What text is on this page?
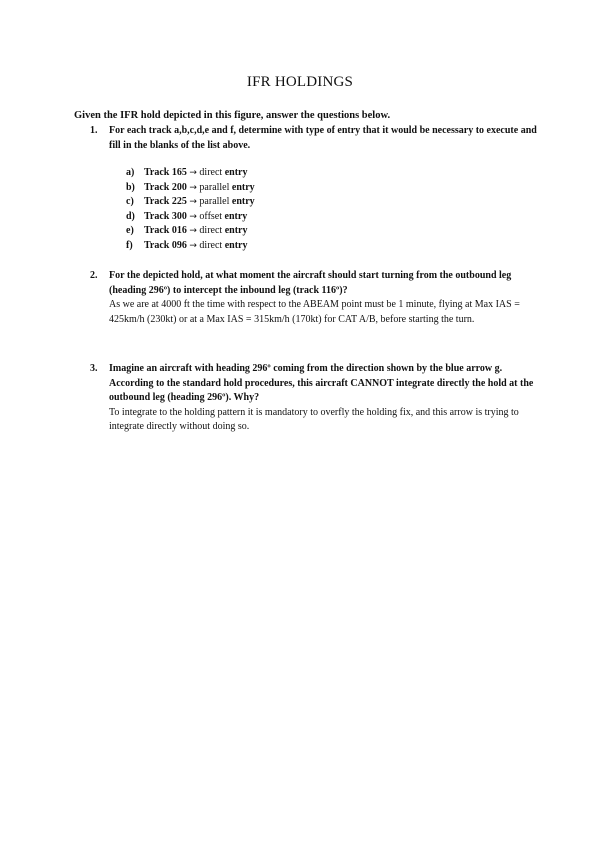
IFR HOLDINGS
Given the IFR hold depicted in this figure, answer the questions below.
1. For each track a,b,c,d,e and f, determine with type of entry that it would be necessary to execute and fill in the blanks of the list above.
a) Track 165 → direct entry
b) Track 200 → parallel entry
c) Track 225 → parallel entry
d) Track 300 → offset entry
e) Track 016 → direct entry
f) Track 096 → direct entry
2. For the depicted hold, at what moment the aircraft should start turning from the outbound leg (heading 296º) to intercept the inbound leg (track 116º)?
As we are at 4000 ft the time with respect to the ABEAM point must be 1 minute, flying at Max IAS = 425km/h (230kt) or at a Max IAS = 315km/h (170kt) for CAT A/B, before starting the turn.
3. Imagine an aircraft with heading 296º coming from the direction shown by the blue arrow g. According to the standard hold procedures, this aircraft CANNOT integrate directly the hold at the outbound leg (heading 296º). Why?
To integrate to the holding pattern it is mandatory to overfly the holding fix, and this arrow is trying to integrate directly without doing so.
